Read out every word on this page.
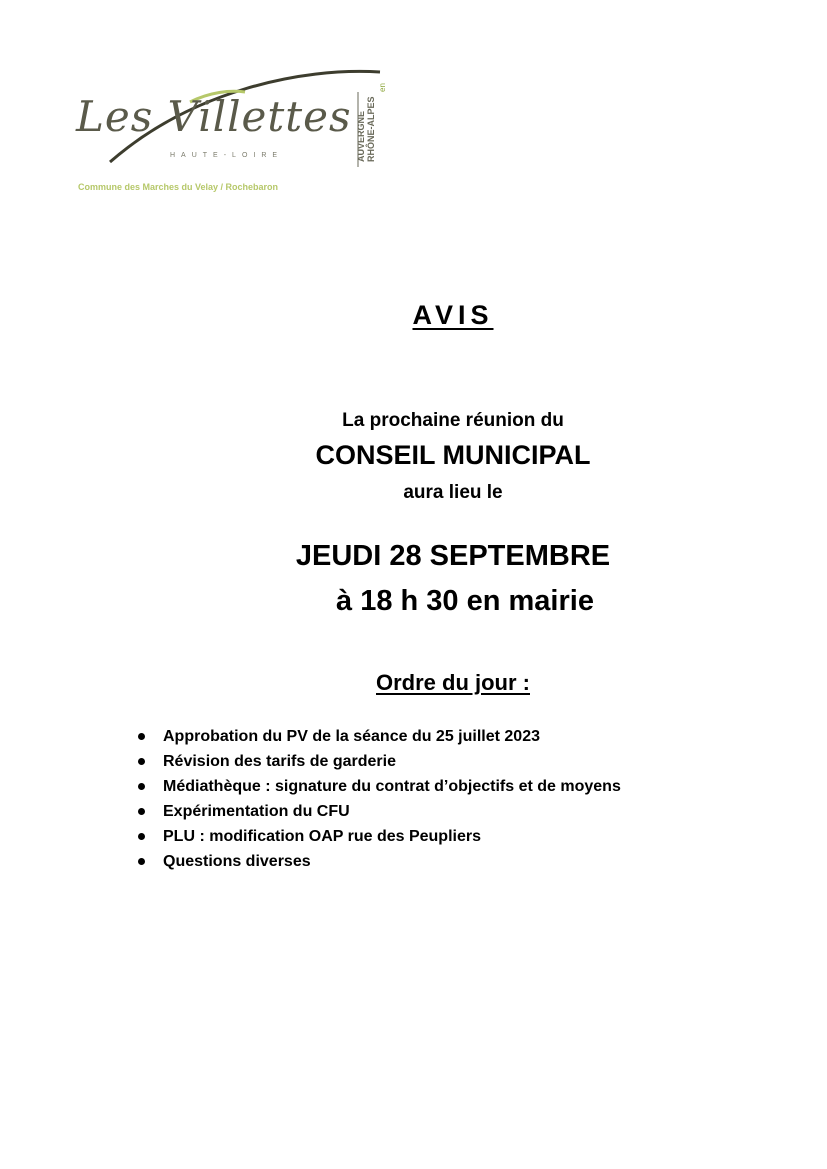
Les Villettes
HAUTE-LOIRE
en
AUVERGNE RHÔNE-ALPES
Commune des Marches du Velay / Rochebaron
AVIS
La prochaine réunion du
CONSEIL MUNICIPAL
aura lieu le
JEUDI 28 SEPTEMBRE
à 18 h 30 en mairie
Ordre du jour :
Approbation du PV de la séance du 25 juillet 2023
Révision des tarifs de garderie
Médiathèque : signature du contrat d’objectifs et de moyens
Expérimentation du CFU
PLU : modification OAP rue des Peupliers
Questions diverses
